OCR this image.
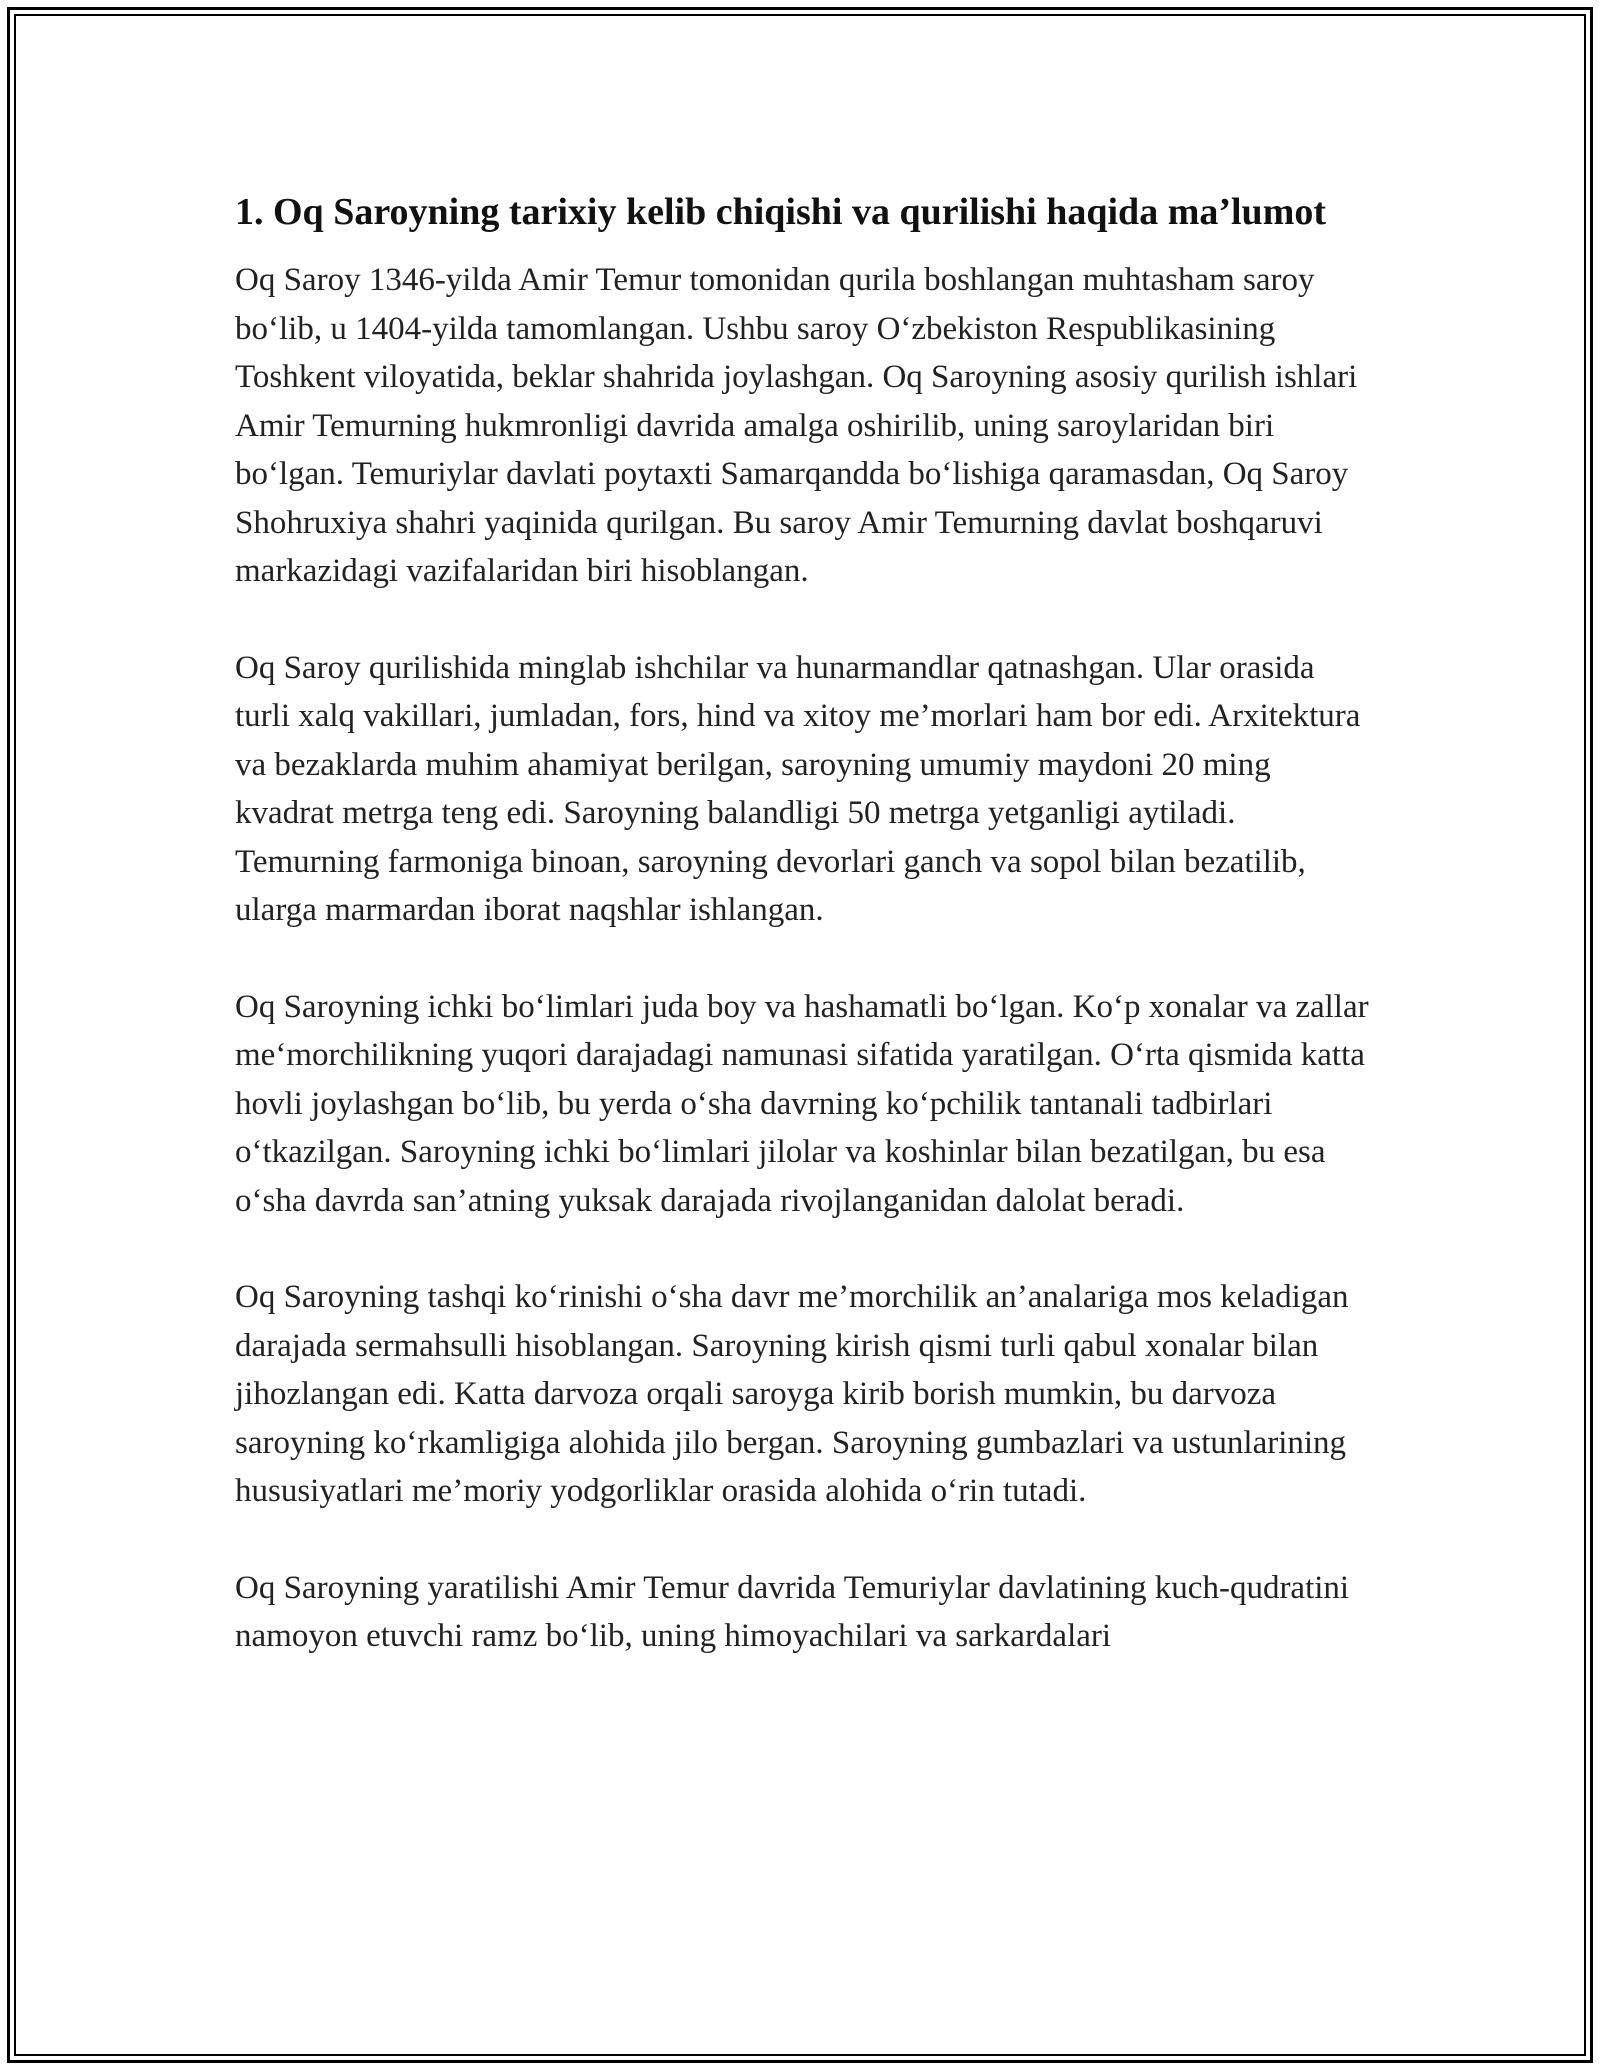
1. Oq Saroyning tarixiy kelib chiqishi va qurilishi haqida ma’lumot

Oq Saroy 1346-yilda Amir Temur tomonidan qurila boshlangan muhtasham saroy bo‘lib, u 1404-yilda tamomlangan. Ushbu saroy O‘zbekiston Respublikasining Toshkent viloyatida, beklar shahrida joylashgan. Oq Saroyning asosiy qurilish ishlari Amir Temurning hukmronligi davrida amalga oshirilib, uning saroylaridan biri bo‘lgan. Temuriylar davlati poytaxti Samarqandda bo‘lishiga qaramasdan, Oq Saroy Shohruxiya shahri yaqinida qurilgan. Bu saroy Amir Temurning davlat boshqaruvi markazidagi vazifalaridan biri hisoblangan.

Oq Saroy qurilishida minglab ishchilar va hunarmandlar qatnashgan. Ular orasida turli xalq vakillari, jumladan, fors, hind va xitoy me’morlari ham bor edi. Arxitektura va bezaklarda muhim ahamiyat berilgan, saroyning umumiy maydoni 20 ming kvadrat metrga teng edi. Saroyning balandligi 50 metrga yetganligi aytiladi. Temurning farmoniga binoan, saroyning devorlari ganch va sopol bilan bezatilib, ularga marmardan iborat naqshlar ishlangan.

Oq Saroyning ichki bo‘limlari juda boy va hashamatli bo‘lgan. Ko‘p xonalar va zallar me‘morchilikning yuqori darajadagi namunasi sifatida yaratilgan. O‘rta qismida katta hovli joylashgan bo‘lib, bu yerda o‘sha davrning ko‘pchilik tantanali tadbirlari o‘tkazilgan. Saroyning ichki bo‘limlari jilolar va koshinlar bilan bezatilgan, bu esa o‘sha davrda san’atning yuksak darajada rivojlanganidan dalolat beradi.

Oq Saroyning tashqi ko‘rinishi o‘sha davr me’morchilik an’analariga mos keladigan darajada sermahsulli hisoblangan. Saroyning kirish qismi turli qabul xonalar bilan jihozlangan edi. Katta darvoza orqali saroyga kirib borish mumkin, bu darvoza saroyning ko‘rkamligiga alohida jilo bergan. Saroyning gumbazlari va ustunlarining hususiyatlari me’moriy yodgorliklar orasida alohida o‘rin tutadi.

Oq Saroyning yaratilishi Amir Temur davrida Temuriylar davlatining kuch-qudratini namoyon etuvchi ramz bo‘lib, uning himoyachilari va sarkardalari
